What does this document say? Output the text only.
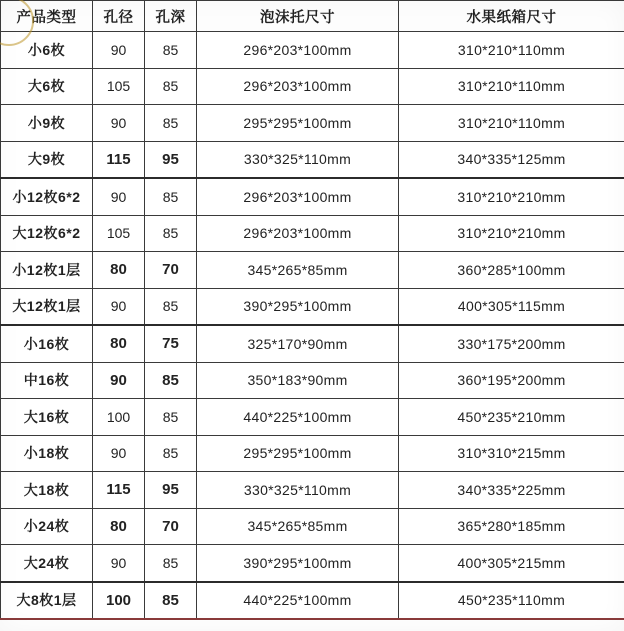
产品类型	孔径	孔深	泡沫托尺寸	水果纸箱尺寸
小6枚	90	85	296*203*100mm	310*210*110mm
大6枚	105	85	296*203*100mm	310*210*110mm
小9枚	90	85	295*295*100mm	310*210*110mm
大9枚	115	95	330*325*110mm	340*335*125mm
小12枚6*2	90	85	296*203*100mm	310*210*210mm
大12枚6*2	105	85	296*203*100mm	310*210*210mm
小12枚1层	80	70	345*265*85mm	360*285*100mm
大12枚1层	90	85	390*295*100mm	400*305*115mm
小16枚	80	75	325*170*90mm	330*175*200mm
中16枚	90	85	350*183*90mm	360*195*200mm
大16枚	100	85	440*225*100mm	450*235*210mm
小18枚	90	85	295*295*100mm	310*310*215mm
大18枚	115	95	330*325*110mm	340*335*225mm
小24枚	80	70	345*265*85mm	365*280*185mm
大24枚	90	85	390*295*100mm	400*305*215mm
大8枚1层	100	85	440*225*100mm	450*235*110mm
